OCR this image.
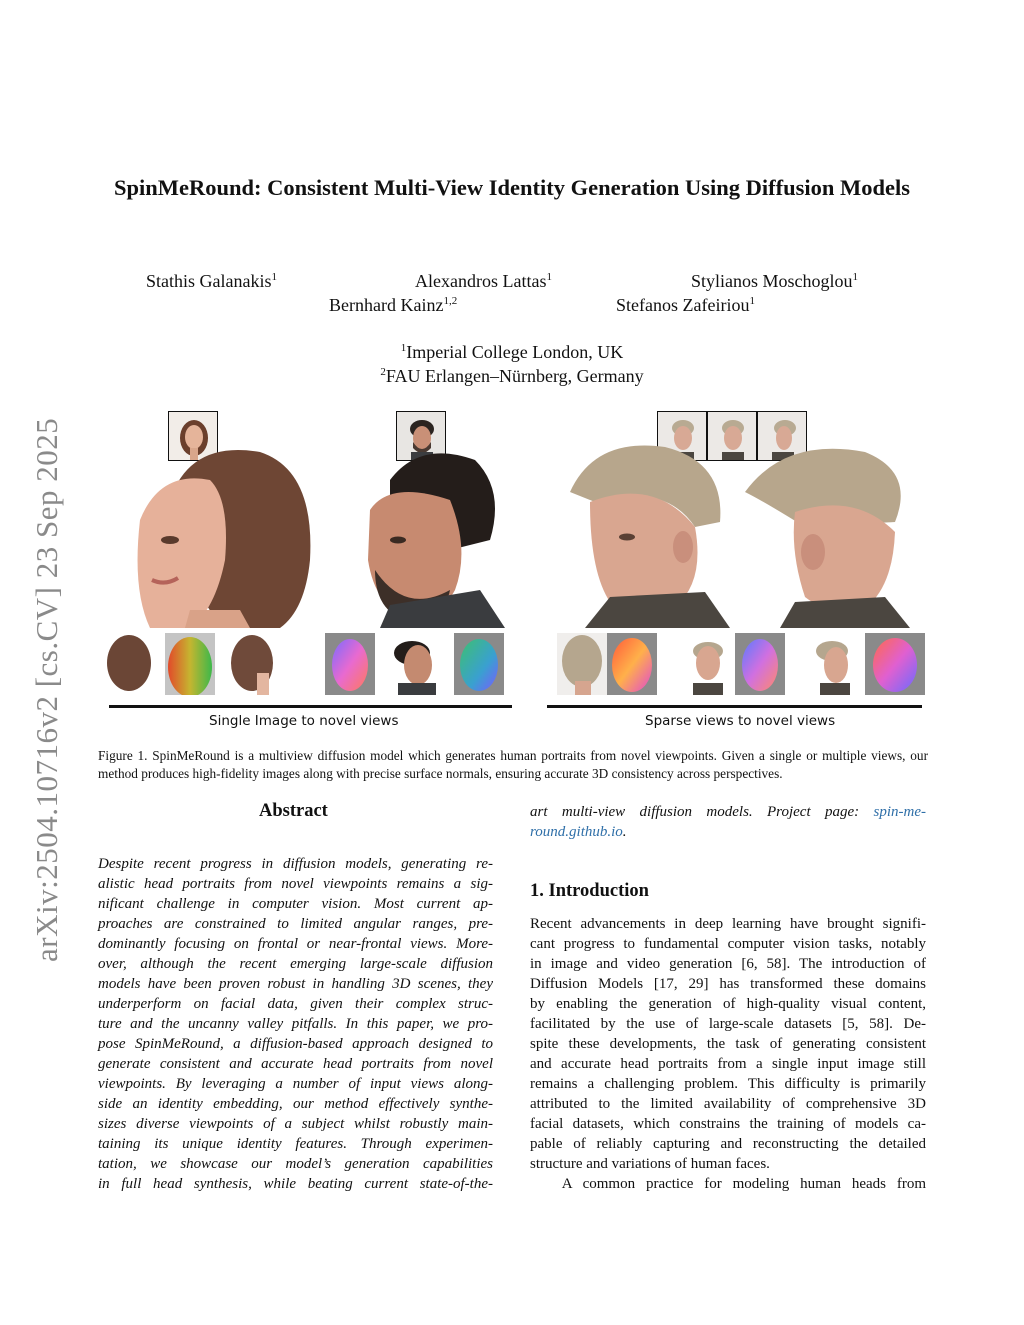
arXiv:2504.10716v2 [cs.CV] 23 Sep 2025
SpinMeRound: Consistent Multi-View Identity Generation Using Diffusion Models
Stathis Galanakis$^1$	Alexandros Lattas$^1$	Stylianos Moschoglou$^1$
Bernhard Kainz$^{1,2}$	Stefanos Zafeiriou$^1$
$^1$Imperial College London, UK
$^2$FAU Erlangen–Nürnberg, Germany
Single Image to novel views	Sparse views to novel views
Figure 1. SpinMeRound is a multiview diffusion model which generates human portraits from novel viewpoints. Given a single or multiple views, our method produces high-fidelity images along with precise surface normals, ensuring accurate 3D consistency across perspectives.
Abstract
Despite recent progress in diffusion models, generating re-
alistic head portraits from novel viewpoints remains a sig-
nificant challenge in computer vision. Most current ap-
proaches are constrained to limited angular ranges, pre-
dominantly focusing on frontal or near-frontal views. More-
over, although the recent emerging large-scale diffusion
models have been proven robust in handling 3D scenes, they
underperform on facial data, given their complex struc-
ture and the uncanny valley pitfalls. In this paper, we pro-
pose SpinMeRound, a diffusion-based approach designed to
generate consistent and accurate head portraits from novel
viewpoints. By leveraging a number of input views along-
side an identity embedding, our method effectively synthe-
sizes diverse viewpoints of a subject whilst robustly main-
taining its unique identity features. Through experimen-
tation, we showcase our model’s generation capabilities
in full head synthesis, while beating current state-of-the-
art multi-view diffusion models. Project page: spin-me-
round.github.io.
1. Introduction
Recent advancements in deep learning have brought signifi-
cant progress to fundamental computer vision tasks, notably
in image and video generation [6, 58]. The introduction of
Diffusion Models [17, 29] has transformed these domains
by enabling the generation of high-quality visual content,
facilitated by the use of large-scale datasets [5, 58]. De-
spite these developments, the task of generating consistent
and accurate head portraits from a single input image still
remains a challenging problem. This difficulty is primarily
attributed to the limited availability of comprehensive 3D
facial datasets, which constrains the training of models ca-
pable of reliably capturing and reconstructing the detailed
structure and variations of human faces.
A common practice for modeling human heads from
